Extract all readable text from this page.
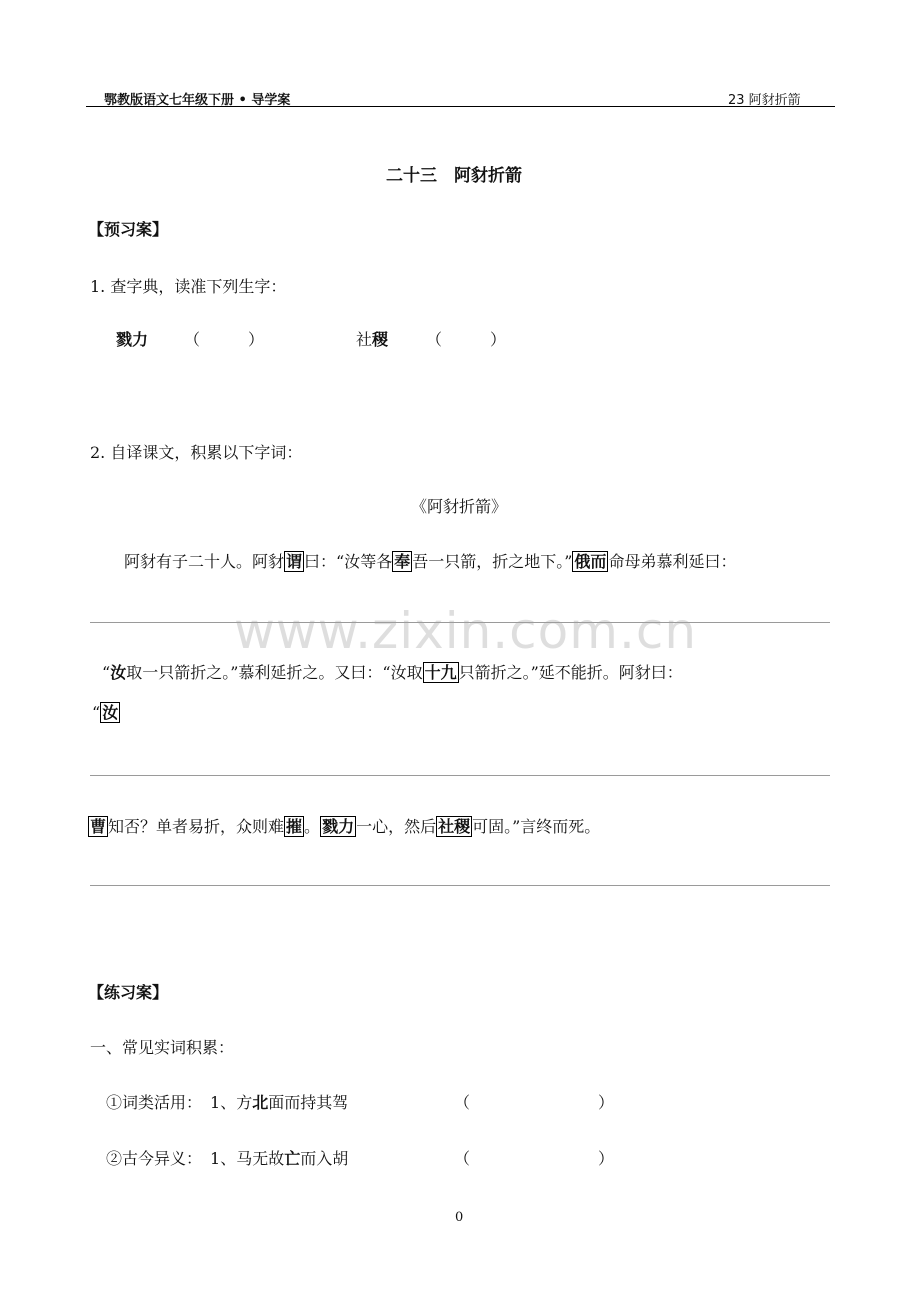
鄂教版语文七年级下册 • 导学案	23 阿豺折箭
二十三　阿豺折箭
【预习案】
1. 查字典，读准下列生字：
戮力 （　　　）	社稷 （　　　）
2. 自译课文，积累以下字词：
《阿豺折箭》
阿豺有子二十人。阿豺 谓 曰：“汝等各 奉 吾一只箭，折之地下。” 俄而 命母弟慕利延曰：
“汝取一只箭折之。”慕利延折之。又曰：“汝取 十九 只箭折之。”延不能折。阿豺曰：
“ 汝
曹 知否？单者易折，众则难 摧 。 戮力 一心，然后 社稷 可固。”言终而死。
【练习案】
一、常见实词积累：
①词类活用：  1、方北面而持其驾	（　　　　　　　　）
②古今异义：  1、马无故亡而入胡	（　　　　　　　　）
www.zixin.com.cn
0
